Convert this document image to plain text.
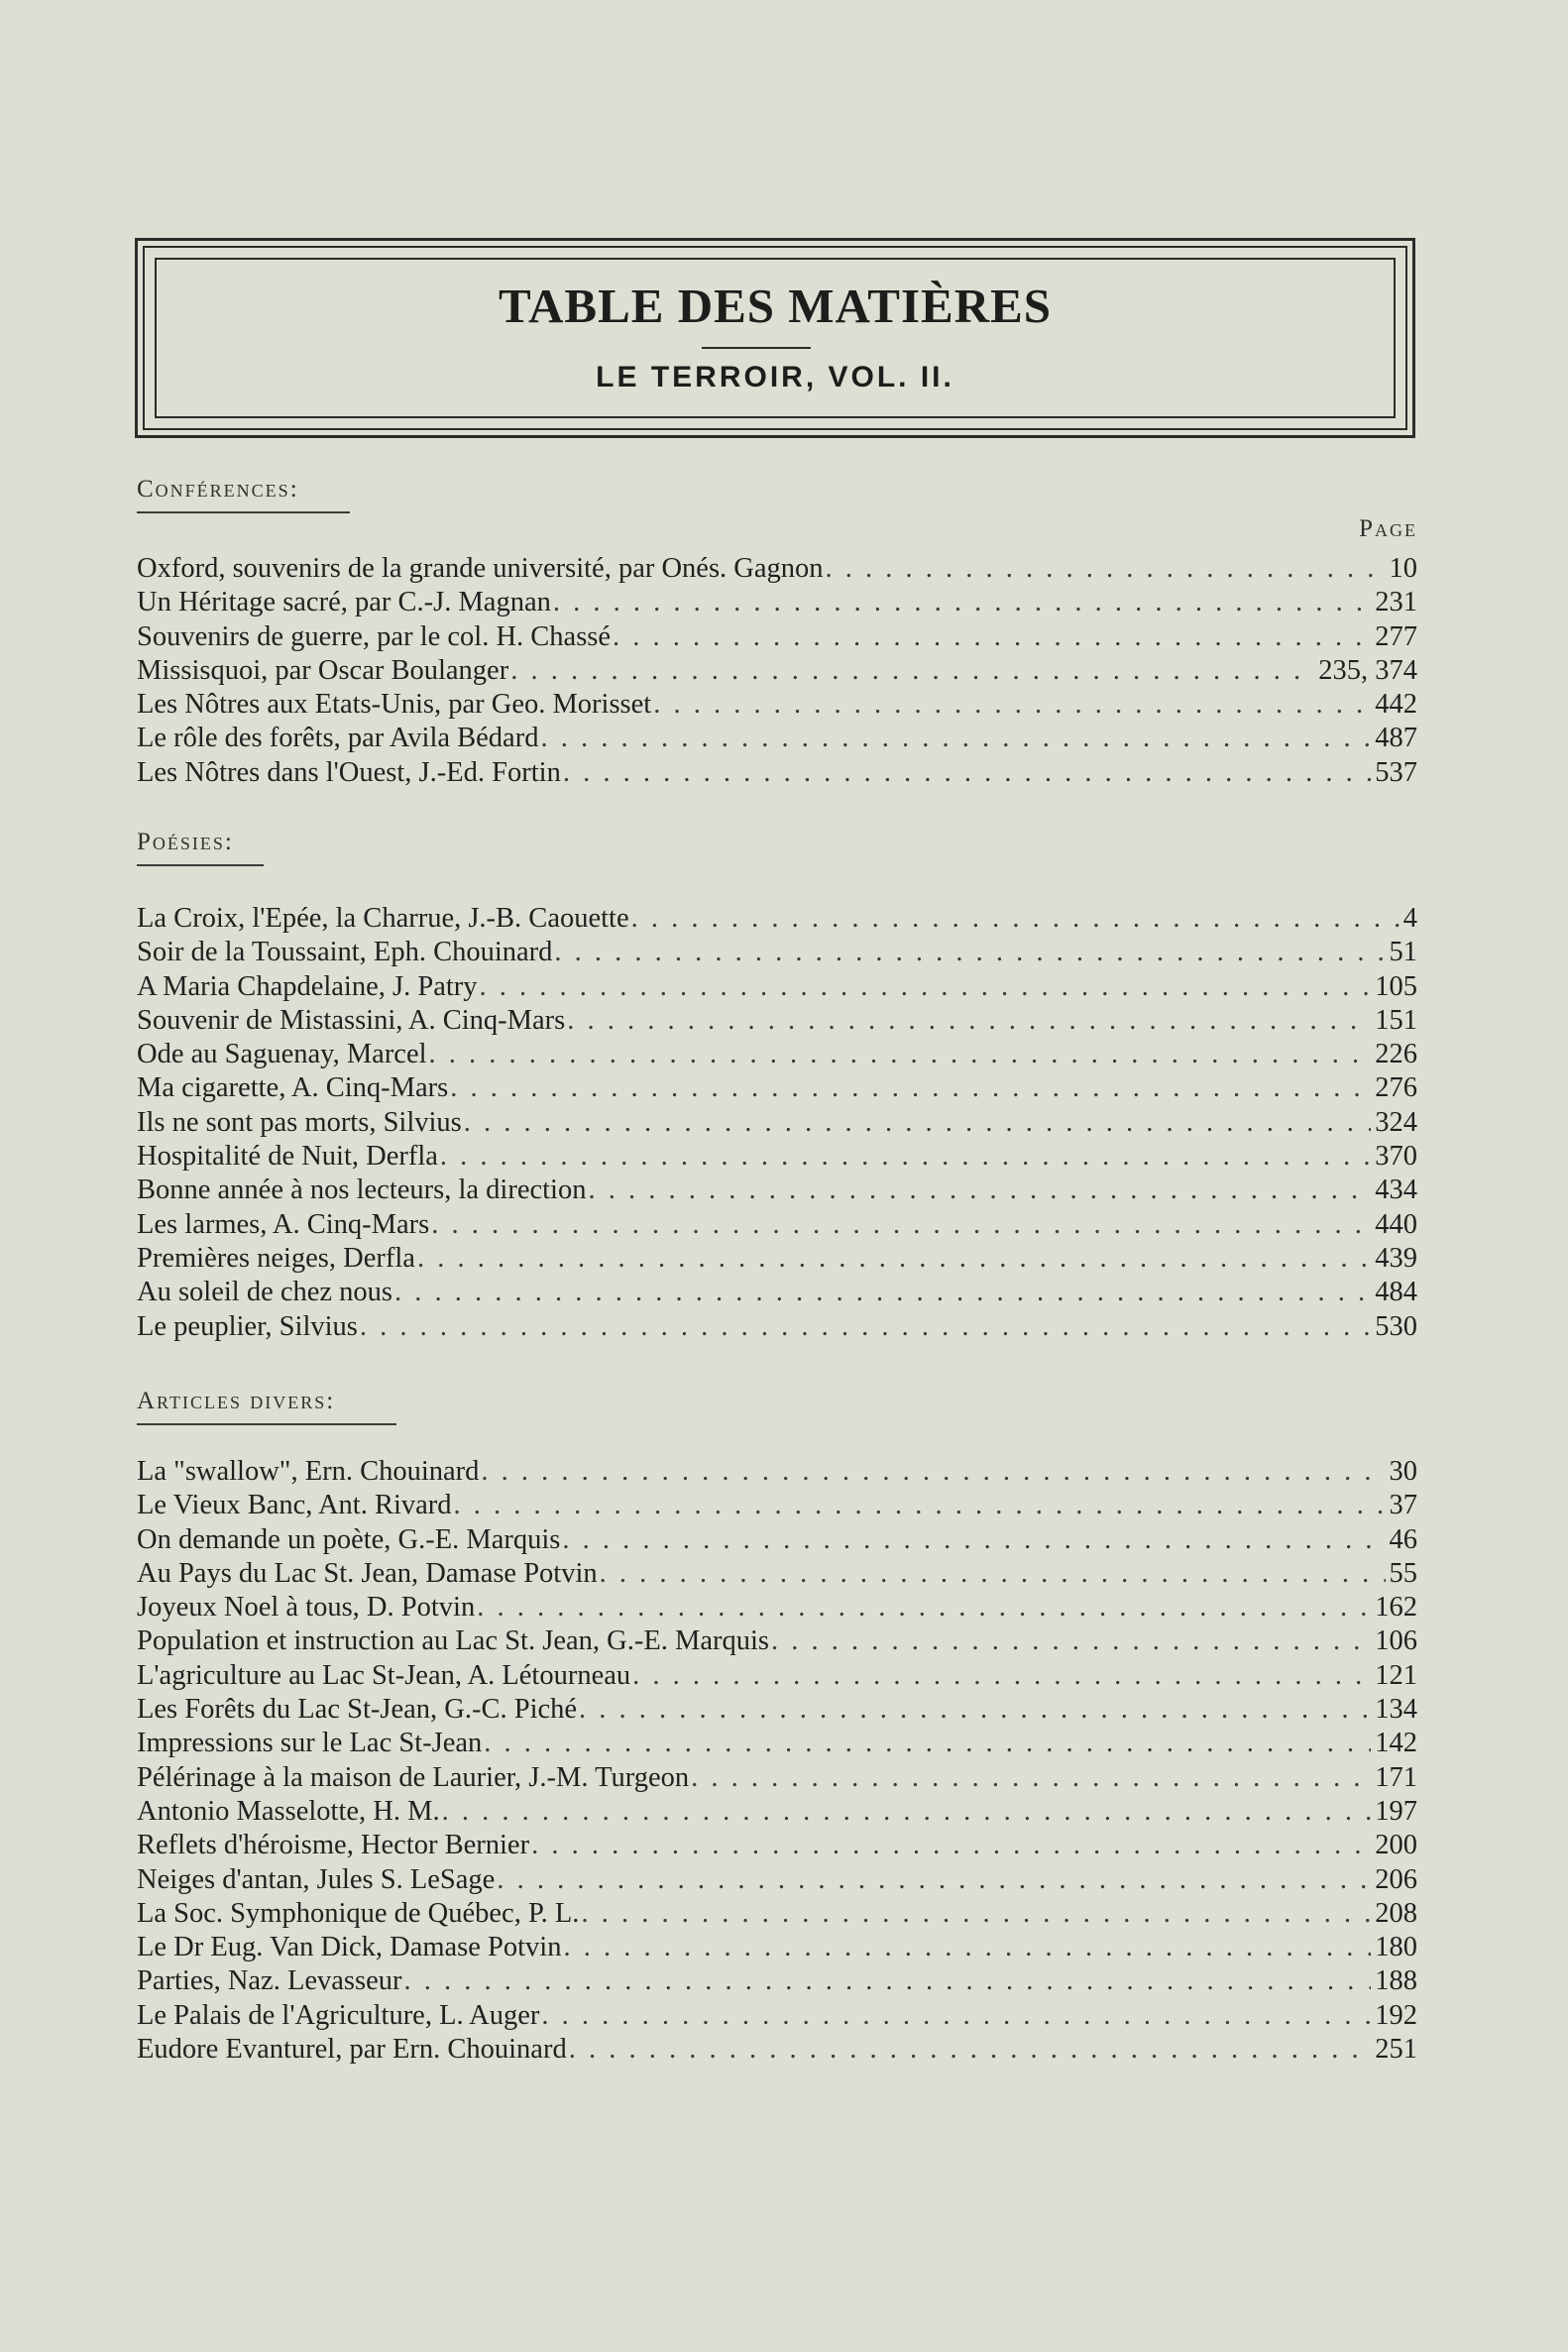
TABLE DES MATIÈRES
LE TERROIR, VOL. II.
Conférences:
Page
Oxford, souvenirs de la grande université, par Onés. Gagnon . . .	10
Un Héritage sacré, par C.-J. Magnan . . .	231
Souvenirs de guerre, par le col. H. Chassé . . .	277
Missisquoi, par Oscar Boulanger . . .	235, 374
Les Nôtres aux Etats-Unis, par Geo. Morisset . . .	442
Le rôle des forêts, par Avila Bédard . . .	487
Les Nôtres dans l'Ouest, J.-Ed. Fortin . . .	537
Poésies:
La Croix, l'Epée, la Charrue, J.-B. Caouette . . .	4
Soir de la Toussaint, Eph. Chouinard . . .	51
A Maria Chapdelaine, J. Patry . . .	105
Souvenir de Mistassini, A. Cinq-Mars . . .	151
Ode au Saguenay, Marcel . . .	226
Ma cigarette, A. Cinq-Mars . . .	276
Ils ne sont pas morts, Silvius . . .	324
Hospitalité de Nuit, Derfla . . .	370
Bonne année à nos lecteurs, la direction . . .	434
Les larmes, A. Cinq-Mars . . .	440
Premières neiges, Derfla . . .	439
Au soleil de chez nous . . .	484
Le peuplier, Silvius . . .	530
Articles divers:
La "swallow", Ern. Chouinard . . .	30
Le Vieux Banc, Ant. Rivard . . .	37
On demande un poète, G.-E. Marquis . . .	46
Au Pays du Lac St. Jean, Damase Potvin . . .	55
Joyeux Noel à tous, D. Potvin . . .	162
Population et instruction au Lac St. Jean, G.-E. Marquis . . .	106
L'agriculture au Lac St-Jean, A. Létourneau . . .	121
Les Forêts du Lac St-Jean, G.-C. Piché . . .	134
Impressions sur le Lac St-Jean . . .	142
Pélérinage à la maison de Laurier, J.-M. Turgeon . . .	171
Antonio Masselotte, H. M. . . .	197
Reflets d'héroisme, Hector Bernier . . .	200
Neiges d'antan, Jules S. LeSage . . .	206
La Soc. Symphonique de Québec, P. L. . . .	208
Le Dr Eug. Van Dick, Damase Potvin . . .	180
Parties, Naz. Levasseur . . .	188
Le Palais de l'Agriculture, L. Auger . . .	192
Eudore Evanturel, par Ern. Chouinard . . .	251
